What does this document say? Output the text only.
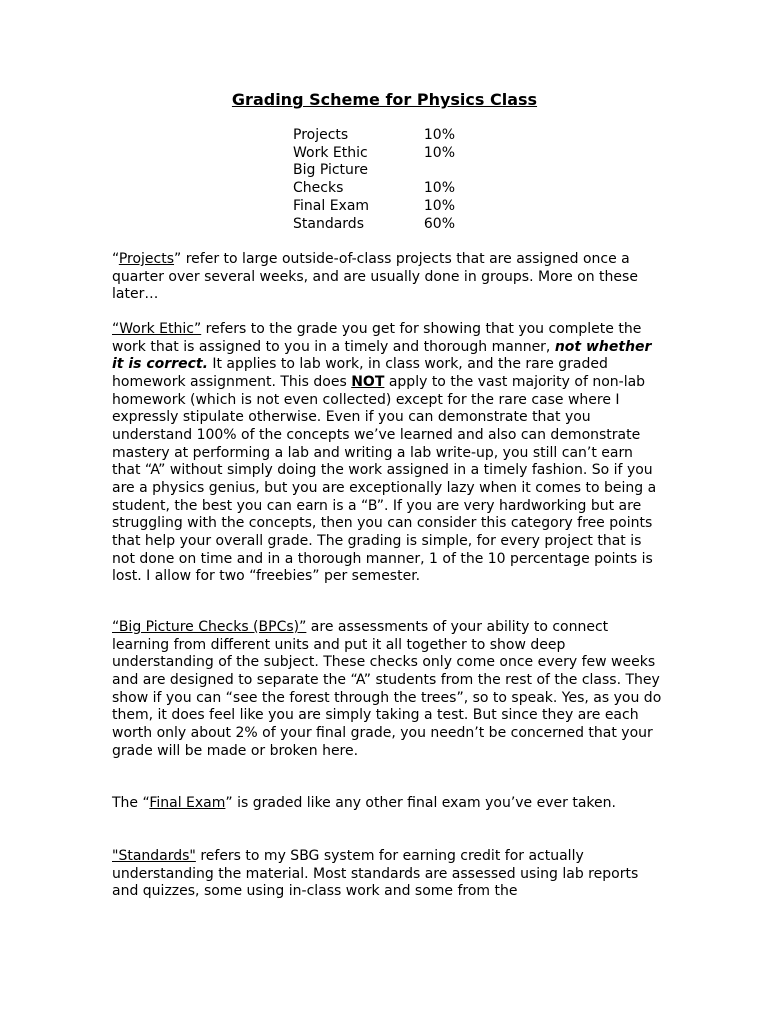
Grading Scheme for Physics Class
Projects	10%
Work Ethic	10%
Big Picture
Checks	10%
Final Exam	10%
Standards	60%

“Projects” refer to large outside-of-class projects that are assigned once a quarter over several weeks, and are usually done in groups. More on these later…

“Work Ethic” refers to the grade you get for showing that you complete the work that is assigned to you in a timely and thorough manner, not whether it is correct. It applies to lab work, in class work, and the rare graded homework assignment. This does NOT apply to the vast majority of non-lab homework (which is not even collected) except for the rare case where I expressly stipulate otherwise. Even if you can demonstrate that you understand 100% of the concepts we’ve learned and also can demonstrate mastery at performing a lab and writing a lab write-up, you still can’t earn that “A” without simply doing the work assigned in a timely fashion. So if you are a physics genius, but you are exceptionally lazy when it comes to being a student, the best you can earn is a “B”. If you are very hardworking but are struggling with the concepts, then you can consider this category free points that help your overall grade. The grading is simple, for every project that is not done on time and in a thorough manner, 1 of the 10 percentage points is lost. I allow for two “freebies” per semester.

“Big Picture Checks (BPCs)” are assessments of your ability to connect learning from different units and put it all together to show deep understanding of the subject. These checks only come once every few weeks and are designed to separate the “A” students from the rest of the class. They show if you can “see the forest through the trees”, so to speak. Yes, as you do them, it does feel like you are simply taking a test. But since they are each worth only about 2% of your final grade, you needn’t be concerned that your grade will be made or broken here.

The “Final Exam” is graded like any other final exam you’ve ever taken.

"Standards" refers to my SBG system for earning credit for actually understanding the material. Most standards are assessed using lab reports and quizzes, some using in-class work and some from the
